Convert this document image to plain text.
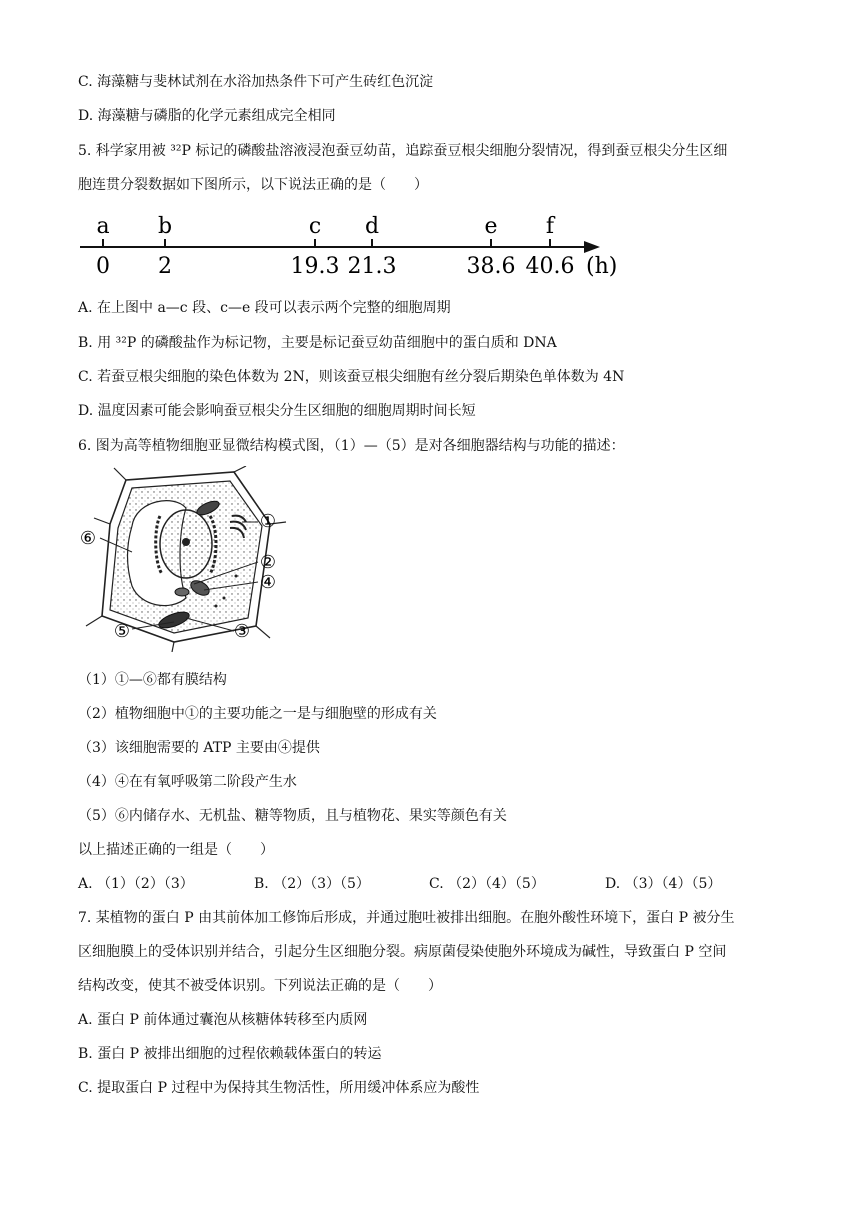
C. 海藻糖与斐林试剂在水浴加热条件下可产生砖红色沉淀
D. 海藻糖与磷脂的化学元素组成完全相同
5. 科学家用被 ³²P 标记的磷酸盐溶液浸泡蚕豆幼苗，追踪蚕豆根尖细胞分裂情况，得到蚕豆根尖分生区细
胞连贯分裂数据如下图所示，以下说法正确的是（　　）
a
0
b
2
c
19.3
d
21.3
e
38.6
f
40.6 (h)
A. 在上图中 a—c 段、c—e 段可以表示两个完整的细胞周期
B. 用 ³²P 的磷酸盐作为标记物，主要是标记蚕豆幼苗细胞中的蛋白质和 DNA
C. 若蚕豆根尖细胞的染色体数为 2N，则该蚕豆根尖细胞有丝分裂后期染色单体数为 4N
D. 温度因素可能会影响蚕豆根尖分生区细胞的细胞周期时间长短
6. 图为高等植物细胞亚显微结构模式图，（1）—（5）是对各细胞器结构与功能的描述：
①
②
④
③
⑤
⑥
（1）①—⑥都有膜结构
（2）植物细胞中①的主要功能之一是与细胞壁的形成有关
（3）该细胞需要的 ATP 主要由④提供
（4）④在有氧呼吸第二阶段产生水
（5）⑥内储存水、无机盐、糖等物质，且与植物花、果实等颜色有关
以上描述正确的一组是（　　）
A. （1）（2）（3）	B. （2）（3）（5）	C. （2）（4）（5）	D. （3）（4）（5）
7. 某植物的蛋白 P 由其前体加工修饰后形成，并通过胞吐被排出细胞。在胞外酸性环境下，蛋白 P 被分生
区细胞膜上的受体识别并结合，引起分生区细胞分裂。病原菌侵染使胞外环境成为碱性，导致蛋白 P 空间
结构改变，使其不被受体识别。下列说法正确的是（　　）
A. 蛋白 P 前体通过囊泡从核糖体转移至内质网
B. 蛋白 P 被排出细胞的过程依赖载体蛋白的转运
C. 提取蛋白 P 过程中为保持其生物活性，所用缓冲体系应为酸性
